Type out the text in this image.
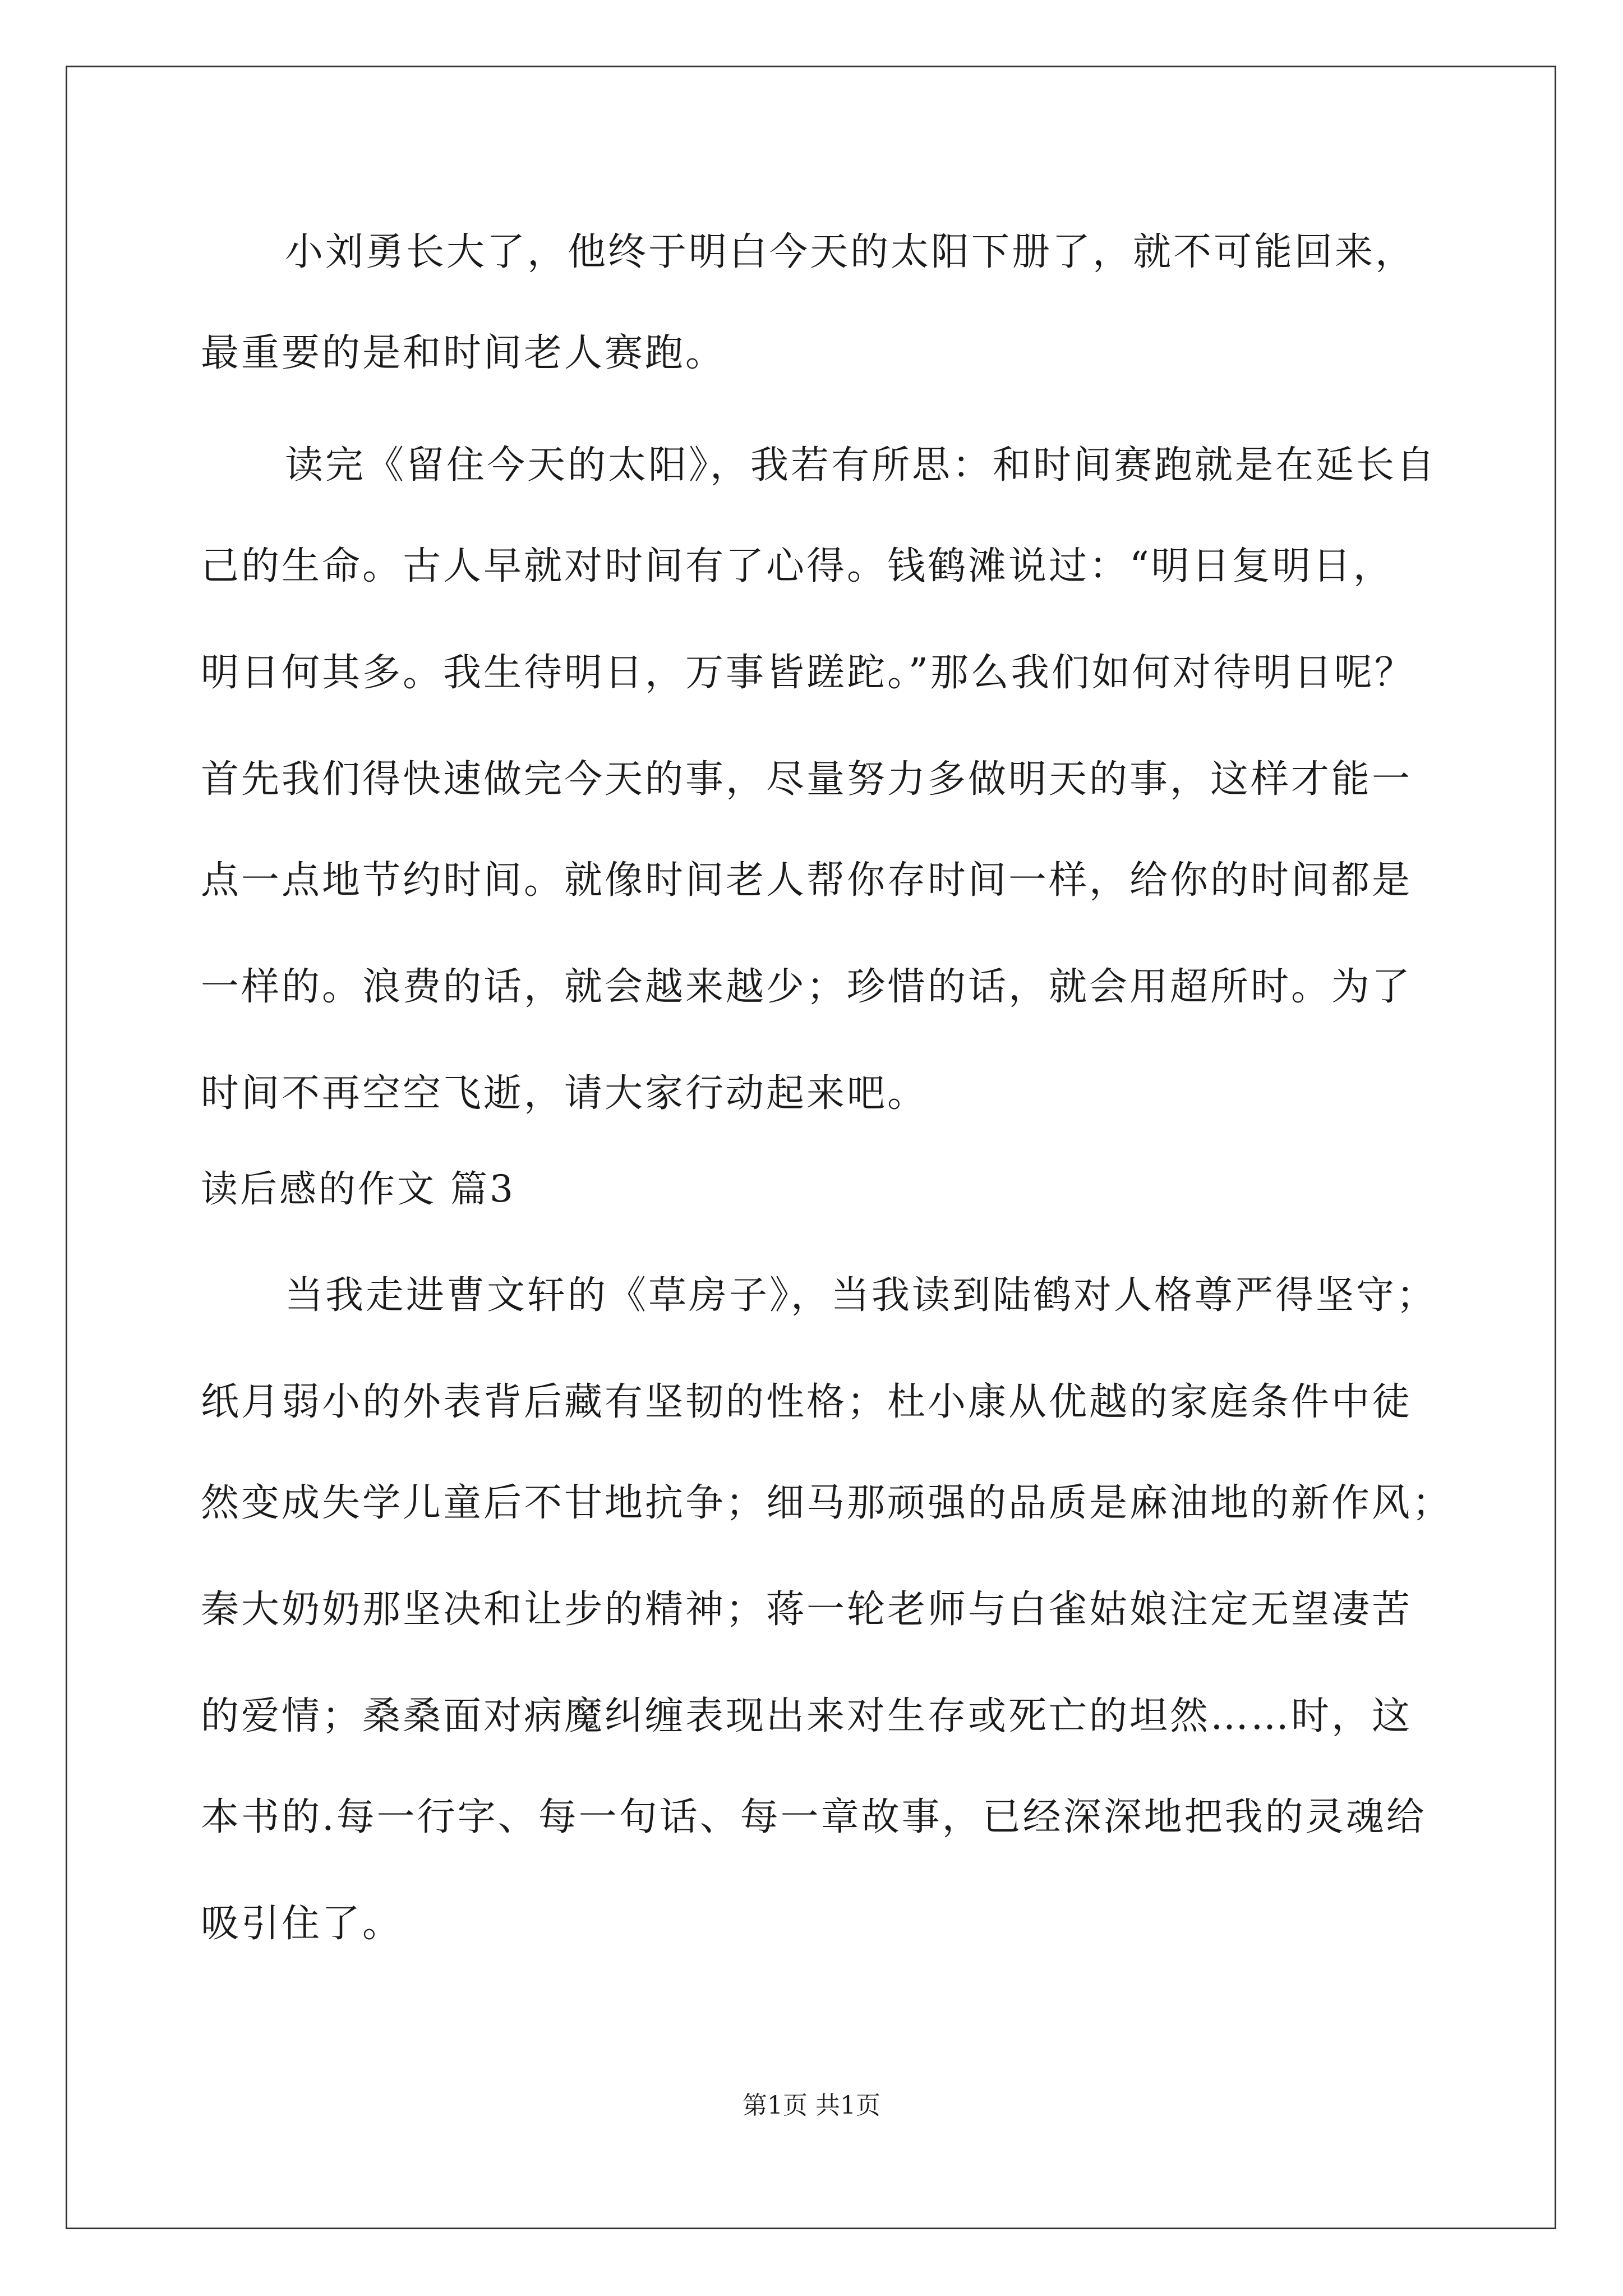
小刘勇长大了，他终于明白今天的太阳下册了，就不可能回来，
最重要的是和时间老人赛跑。
读完《留住今天的太阳》，我若有所思：和时间赛跑就是在延长自
己的生命。古人早就对时间有了心得。钱鹤滩说过：“明日复明日，
明日何其多。我生待明日，万事皆蹉跎。”那么我们如何对待明日呢？
首先我们得快速做完今天的事，尽量努力多做明天的事，这样才能一
点一点地节约时间。就像时间老人帮你存时间一样，给你的时间都是
一样的。浪费的话，就会越来越少；珍惜的话，就会用超所时。为了
时间不再空空飞逝，请大家行动起来吧。
读后感的作文 篇3
当我走进曹文轩的《草房子》，当我读到陆鹤对人格尊严得坚守；
纸月弱小的外表背后藏有坚韧的性格；杜小康从优越的家庭条件中徒
然变成失学儿童后不甘地抗争；细马那顽强的品质是麻油地的新作风；
秦大奶奶那坚决和让步的精神；蒋一轮老师与白雀姑娘注定无望凄苦
的爱情；桑桑面对病魔纠缠表现出来对生存或死亡的坦然……时，这
本书的.每一行字、每一句话、每一章故事，已经深深地把我的灵魂给
吸引住了。
第1页 共1页
